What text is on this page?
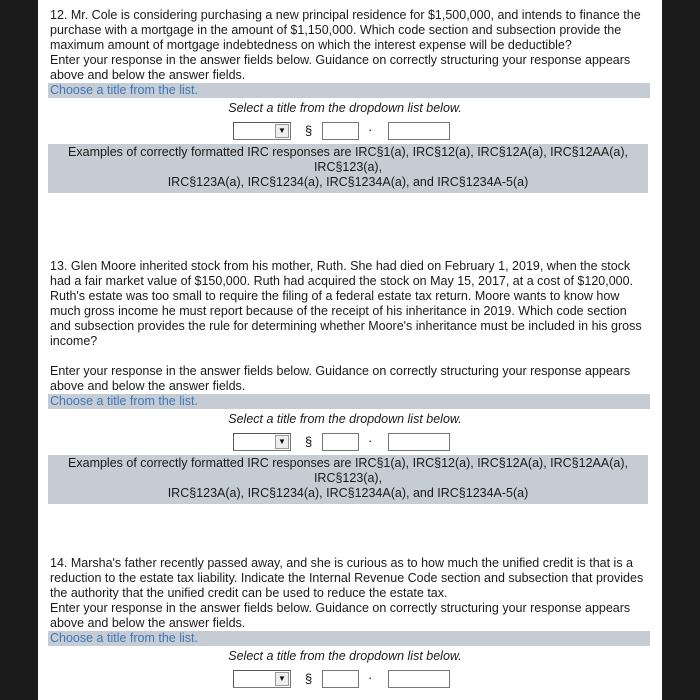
12. Mr. Cole is considering purchasing a new principal residence for $1,500,000, and intends to finance the purchase with a mortgage in the amount of $1,150,000. Which code section and subsection provide the maximum amount of mortgage indebtedness on which the interest expense will be deductible?

Enter your response in the answer fields below. Guidance on correctly structuring your response appears above and below the answer fields.

Choose a title from the list.
Select a title from the dropdown list below.
▼ §	·
Examples of correctly formatted IRC responses are IRC§1(a), IRC§12(a), IRC§12A(a), IRC§12AA(a), IRC§123(a),
IRC§123A(a), IRC§1234(a), IRC§1234A(a), and IRC§1234A-5(a)

13. Glen Moore inherited stock from his mother, Ruth. She had died on February 1, 2019, when the stock had a fair market value of $150,000. Ruth had acquired the stock on May 15, 2017, at a cost of $120,000. Ruth's estate was too small to require the filing of a federal estate tax return. Moore wants to know how much gross income he must report because of the receipt of his inheritance in 2019. Which code section and subsection provides the rule for determining whether Moore's inheritance must be included in his gross income?

Enter your response in the answer fields below. Guidance on correctly structuring your response appears above and below the answer fields.

Choose a title from the list.
Select a title from the dropdown list below.
▼ §	·
Examples of correctly formatted IRC responses are IRC§1(a), IRC§12(a), IRC§12A(a), IRC§12AA(a), IRC§123(a),
IRC§123A(a), IRC§1234(a), IRC§1234A(a), and IRC§1234A-5(a)

14. Marsha's father recently passed away, and she is curious as to how much the unified credit is that is a reduction to the estate tax liability. Indicate the Internal Revenue Code section and subsection that provides the authority that the unified credit can be used to reduce the estate tax.

Enter your response in the answer fields below. Guidance on correctly structuring your response appears above and below the answer fields.

Choose a title from the list.
Select a title from the dropdown list below.
▼ §	·
